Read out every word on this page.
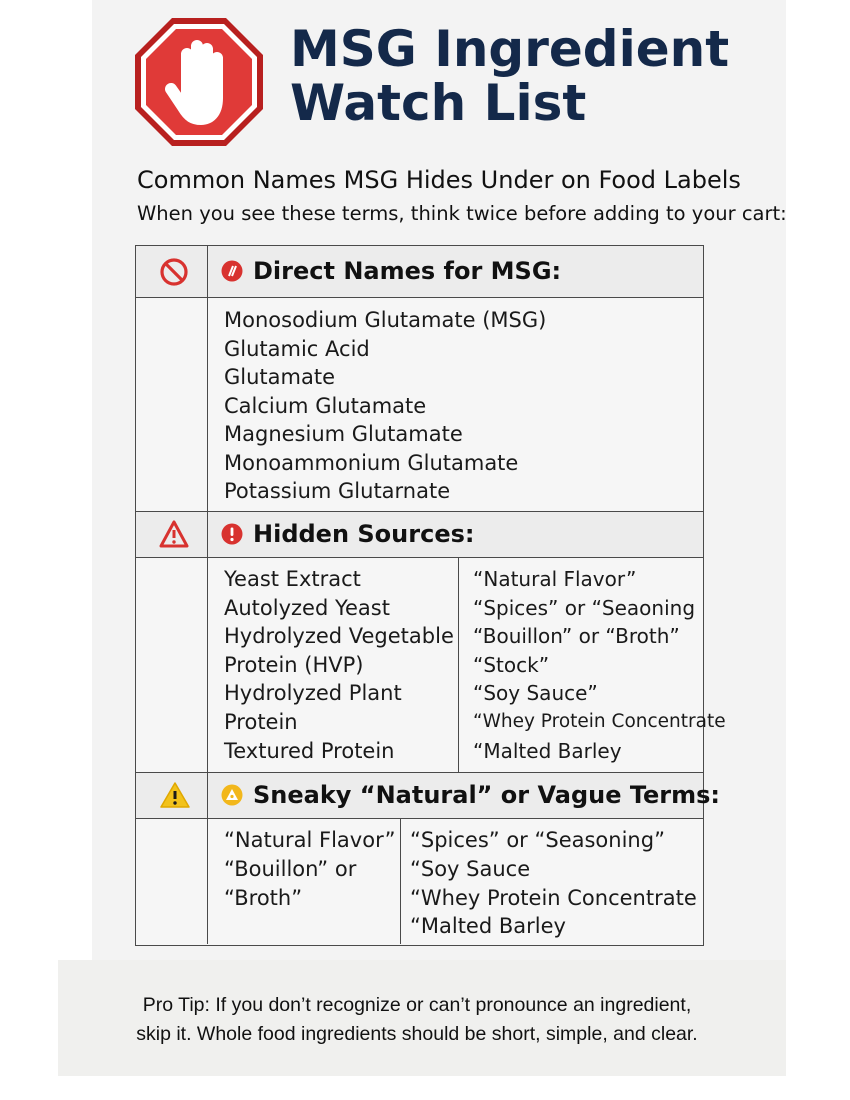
MSG Ingredient
Watch List
Common Names MSG Hides Under on Food Labels
When you see these terms, think twice before adding to your cart:
Direct Names for MSG:
Monosodium Glutamate (MSG)
Glutamic Acid
Glutamate
Calcium Glutamate
Magnesium Glutamate
Monoammonium Glutamate
Potassium Glutarnate
Hidden Sources:
Yeast Extract
Autolyzed Yeast
Hydrolyzed Vegetable
Protein (HVP)
Hydrolyzed Plant
Protein
Textured Protein
“Natural Flavor”
“Spices” or “Seaoning
“Bouillon” or “Broth”
“Stock”
“Soy Sauce”
“Whey Protein Concentrate
“Malted Barley
Sneaky “Natural” or Vague Terms:
“Natural Flavor”
“Bouillon” or
“Broth”
“Spices” or “Seasoning”
“Soy Sauce
“Whey Protein Concentrate
“Malted Barley
Pro Tip: If you don’t recognize or can’t pronounce an ingredient,
skip it. Whole food ingredients should be short, simple, and clear.
